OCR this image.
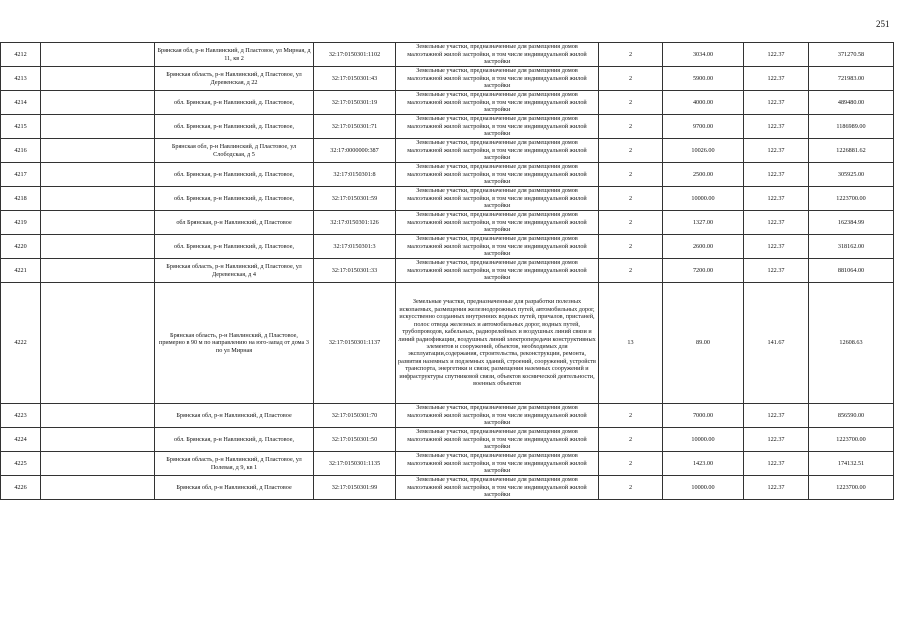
251
4212		Брянская обл, р-н Навлинский, д Пластовое, ул Мирная, д 11, кв 2	32:17:0150301:1102	Земельные участки, предназначенные для размещения домов малоэтажной жилой застройки, в том числе индивидуальной жилой застройки	2	3034.00	122.37	371270.58
4213		Брянская область, р-н Навлинский, д Пластовое, ул Деревенская, д 22	32:17:0150301:43	Земельные участки, предназначенные для размещения домов малоэтажной жилой застройки, в том числе индивидуальной жилой застройки	2	5900.00	122.37	721983.00
4214		обл. Брянская, р-н Навлинский, д. Пластовое,	32:17:0150301:19	Земельные участки, предназначенные для размещения домов малоэтажной жилой застройки, в том числе индивидуальной жилой застройки	2	4000.00	122.37	489480.00
4215		обл. Брянская, р-н Навлинский, д. Пластовое,	32:17:0150301:71	Земельные участки, предназначенные для размещения домов малоэтажной жилой застройки, в том числе индивидуальной жилой застройки	2	9700.00	122.37	1186989.00
4216		Брянская обл, р-н Навлинский, д Пластовое, ул Слободская, д 5	32:17:0000000:387	Земельные участки, предназначенные для размещения домов малоэтажной жилой застройки, в том числе индивидуальной жилой застройки	2	10026.00	122.37	1226881.62
4217		обл. Брянская, р-н Навлинский, д. Пластовое,	32:17:0150301:8	Земельные участки, предназначенные для размещения домов малоэтажной жилой застройки, в том числе индивидуальной жилой застройки	2	2500.00	122.37	305925.00
4218		обл. Брянская, р-н Навлинский, д. Пластовое,	32:17:0150301:59	Земельные участки, предназначенные для размещения домов малоэтажной жилой застройки, в том числе индивидуальной жилой застройки	2	10000.00	122.37	1223700.00
4219		обл Брянская, р-н Навлинский, д Пластовое	32:17:0150301:126	Земельные участки, предназначенные для размещения домов малоэтажной жилой застройки, в том числе индивидуальной жилой застройки	2	1327.00	122.37	162384.99
4220		обл. Брянская, р-н Навлинский, д. Пластовое,	32:17:0150301:3	Земельные участки, предназначенные для размещения домов малоэтажной жилой застройки, в том числе индивидуальной жилой застройки	2	2600.00	122.37	318162.00
4221		Брянская область, р-н Навлинский, д Пластовое, ул Деревенская, д 4	32:17:0150301:33	Земельные участки, предназначенные для размещения домов малоэтажной жилой застройки, в том числе индивидуальной жилой застройки	2	7200.00	122.37	881064.00
4222		Брянская область, р-н Навлинский, д Пластовое, примерно в 90 м по направлению на юго-запад от дома 3 по ул Мирная	32:17:0150301:1137	Земельные участки, предназначенные для разработки полезных ископаемых, размещения железнодорожных путей, автомобильных дорог, искусственно созданных внутренних водных путей, причалов, пристаней, полос отвода железных и автомобильных дорог, водных путей, трубопроводов, кабельных, радиорелейных и воздушных линий связи и линий радиофикации, воздушных линий электропередачи конструктивных элементов и сооружений, объектов, необходимых для эксплуатации,содержания, строительства, реконструкции, ремонта, развития наземных и подземных зданий, строений, сооружений, устройств транспорта, энергетики и связи; размещения наземных сооружений и инфраструктуры спутниковой связи, объектов космической деятельности, военных объектов	13	89.00	141.67	12608.63
4223		Брянская обл, р-н Навлинский, д Пластовое	32:17:0150301:70	Земельные участки, предназначенные для размещения домов малоэтажной жилой застройки, в том числе индивидуальной жилой застройки	2	7000.00	122.37	856590.00
4224		обл. Брянская, р-н Навлинский, д. Пластовое,	32:17:0150301:50	Земельные участки, предназначенные для размещения домов малоэтажной жилой застройки, в том числе индивидуальной жилой застройки	2	10000.00	122.37	1223700.00
4225		Брянская область, р-н Навлинский, д Пластовое, ул Полевая, д 9, кв 1	32:17:0150301:1135	Земельные участки, предназначенные для размещения домов малоэтажной жилой застройки, в том числе индивидуальной жилой застройки	2	1423.00	122.37	174132.51
4226		Брянская обл, р-н Навлинский, д Пластовое	32:17:0150301:99	Земельные участки, предназначенные для размещения домов малоэтажной жилой застройки, в том числе индивидуальной жилой застройки	2	10000.00	122.37	1223700.00
